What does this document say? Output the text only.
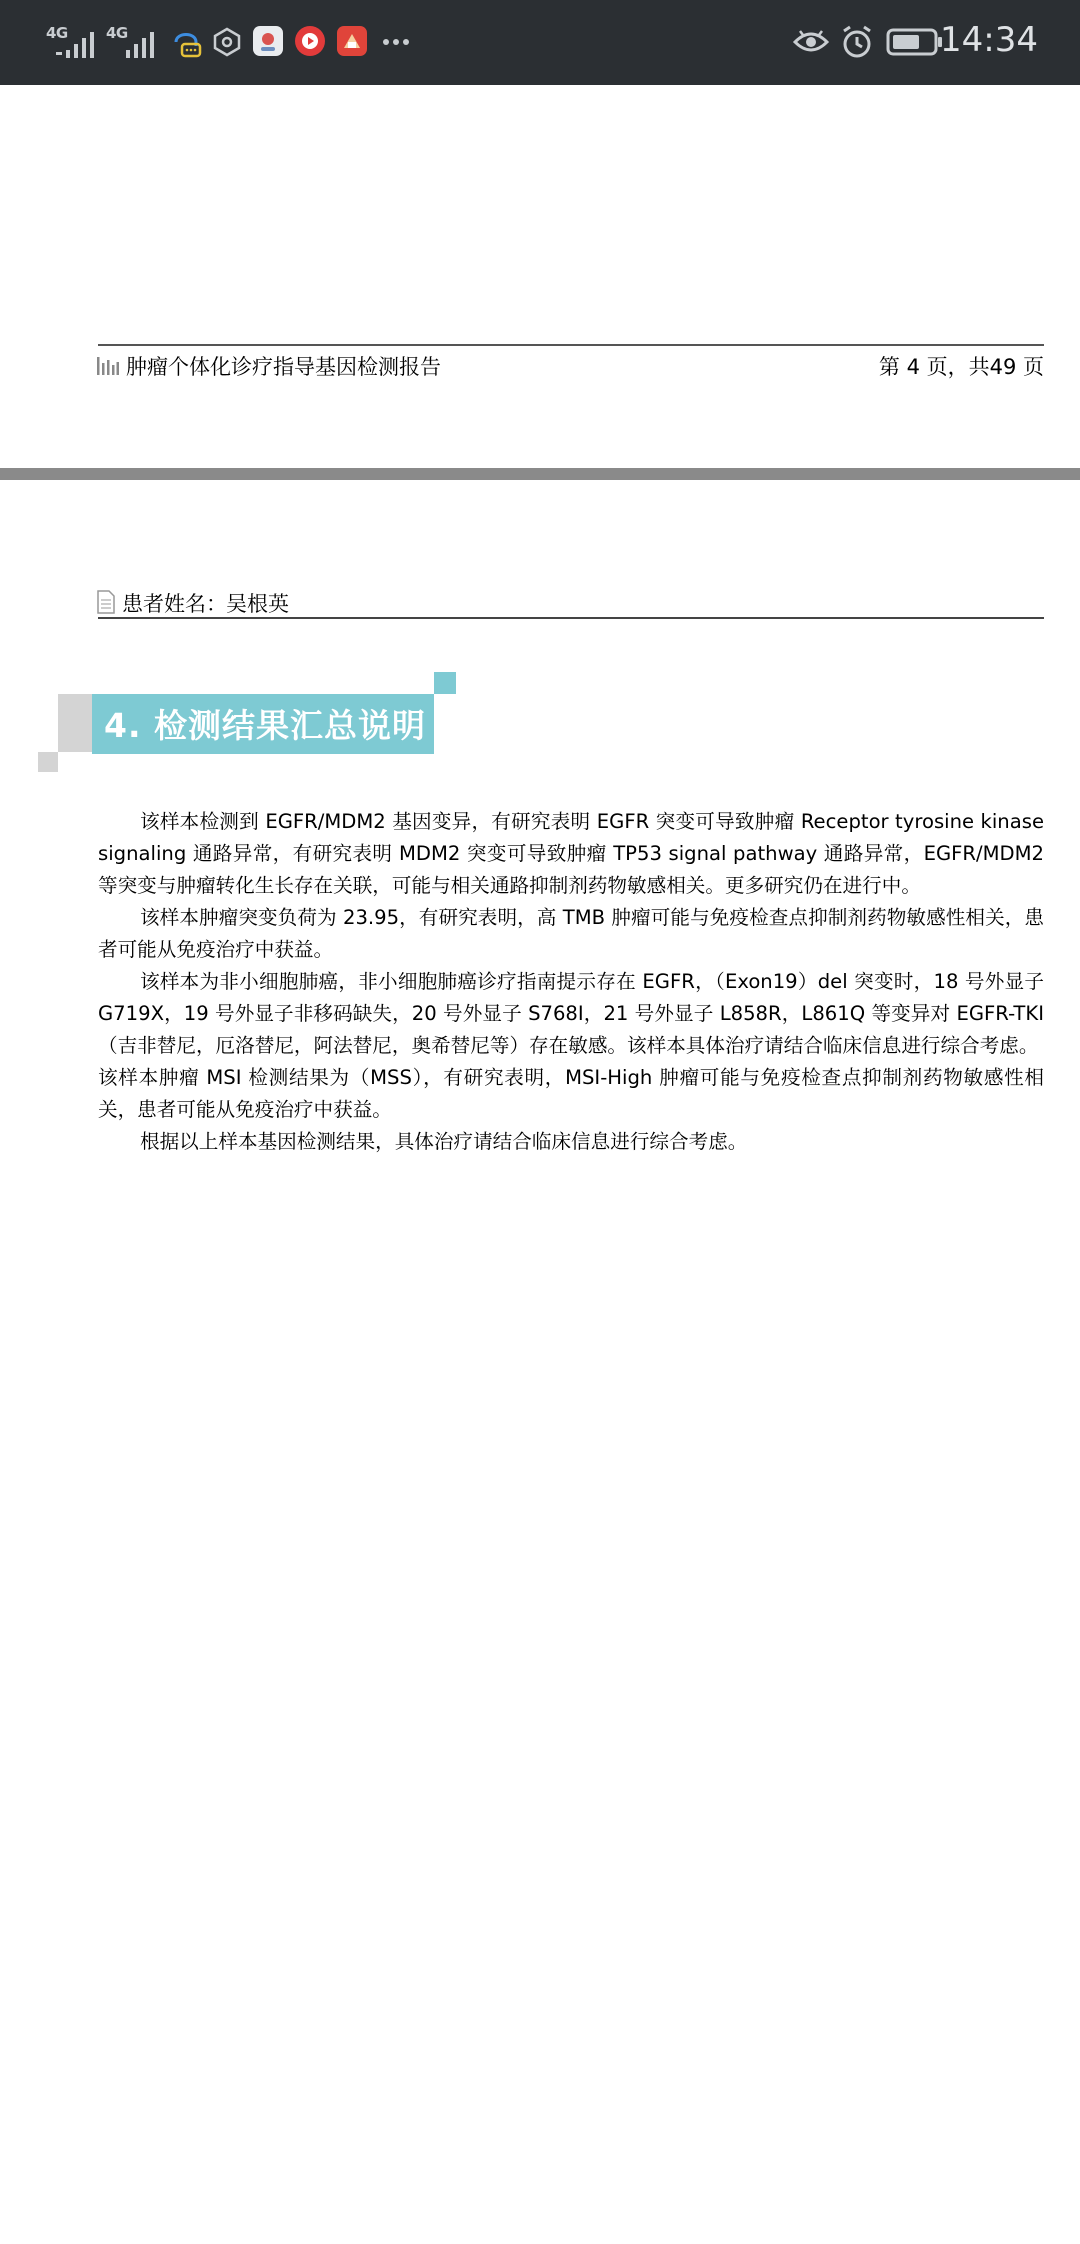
4G	4G	14:34
肿瘤个体化诊疗指导基因检测报告	第 4 页，共49 页
患者姓名： 吴根英
4. 检测结果汇总说明

该样本检测到 EGFR/MDM2 基因变异，有研究表明 EGFR 突变可导致肿瘤 Receptor tyrosine kinase signaling 通路异常，有研究表明 MDM2 突变可导致肿瘤 TP53 signal pathway 通路异常，EGFR/MDM2 等突变与肿瘤转化生长存在关联，可能与相关通路抑制剂药物敏感相关。更多研究仍在进行中。

该样本肿瘤突变负荷为 23.95，有研究表明，高 TMB 肿瘤可能与免疫检查点抑制剂药物敏感性相关，患者可能从免疫治疗中获益。

该样本为非小细胞肺癌，非小细胞肺癌诊疗指南提示存在 EGFR，（Exon19）del 突变时，18 号外显子 G719X，19 号外显子非移码缺失，20 号外显子 S768I，21 号外显子 L858R，L861Q 等变异对 EGFR-TKI（吉非替尼，厄洛替尼，阿法替尼，奥希替尼等）存在敏感。该样本具体治疗请结合临床信息进行综合考虑。

该样本肿瘤 MSI 检测结果为（MSS），有研究表明，MSI-High 肿瘤可能与免疫检查点抑制剂药物敏感性相关，患者可能从免疫治疗中获益。

根据以上样本基因检测结果，具体治疗请结合临床信息进行综合考虑。
